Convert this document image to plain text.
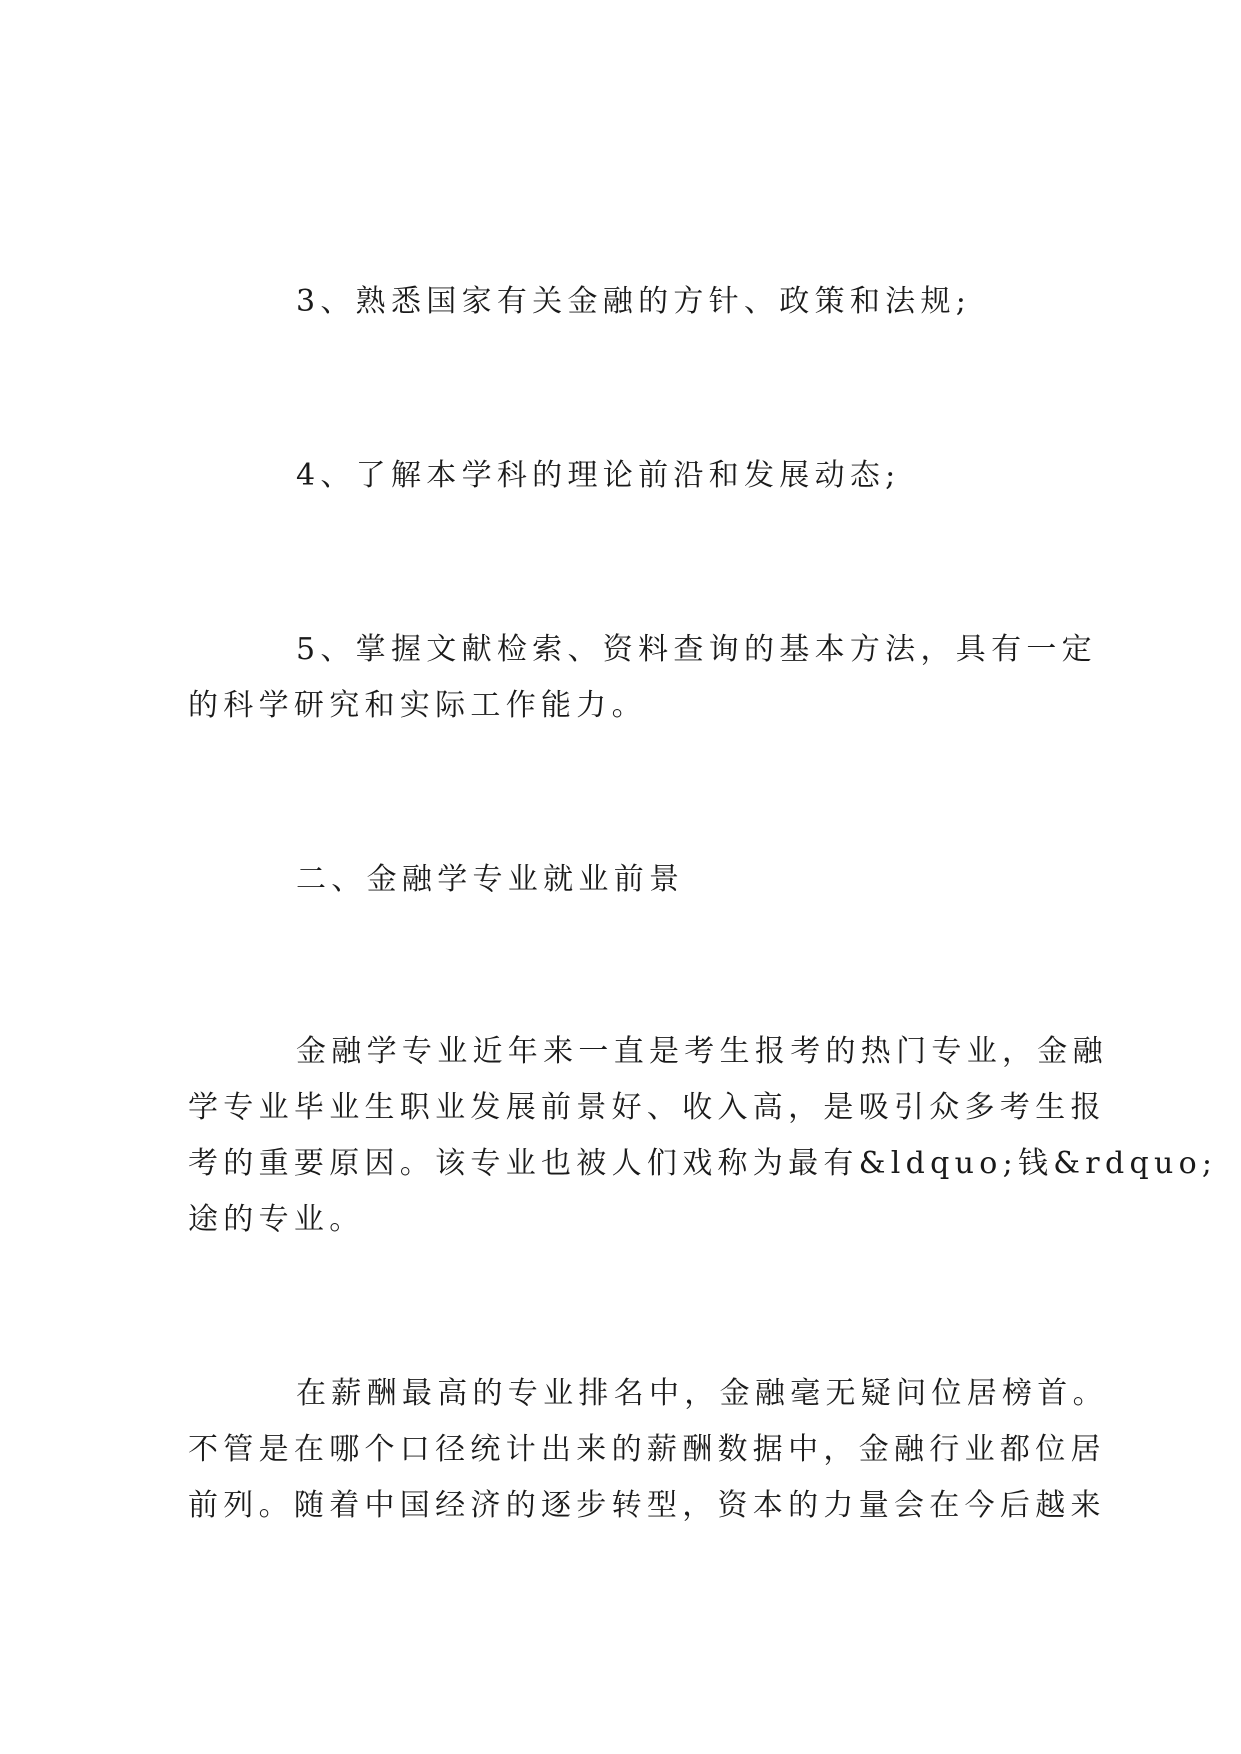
3、熟悉国家有关金融的方针、政策和法规;
4、了解本学科的理论前沿和发展动态;
5、掌握文献检索、资料查询的基本方法，具有一定
的科学研究和实际工作能力。
二、金融学专业就业前景
金融学专业近年来一直是考生报考的热门专业，金融
学专业毕业生职业发展前景好、收入高，是吸引众多考生报
考的重要原因。该专业也被人们戏称为最有&ldquo;钱&rdquo;
途的专业。
在薪酬最高的专业排名中，金融毫无疑问位居榜首。
不管是在哪个口径统计出来的薪酬数据中，金融行业都位居
前列。随着中国经济的逐步转型，资本的力量会在今后越来
